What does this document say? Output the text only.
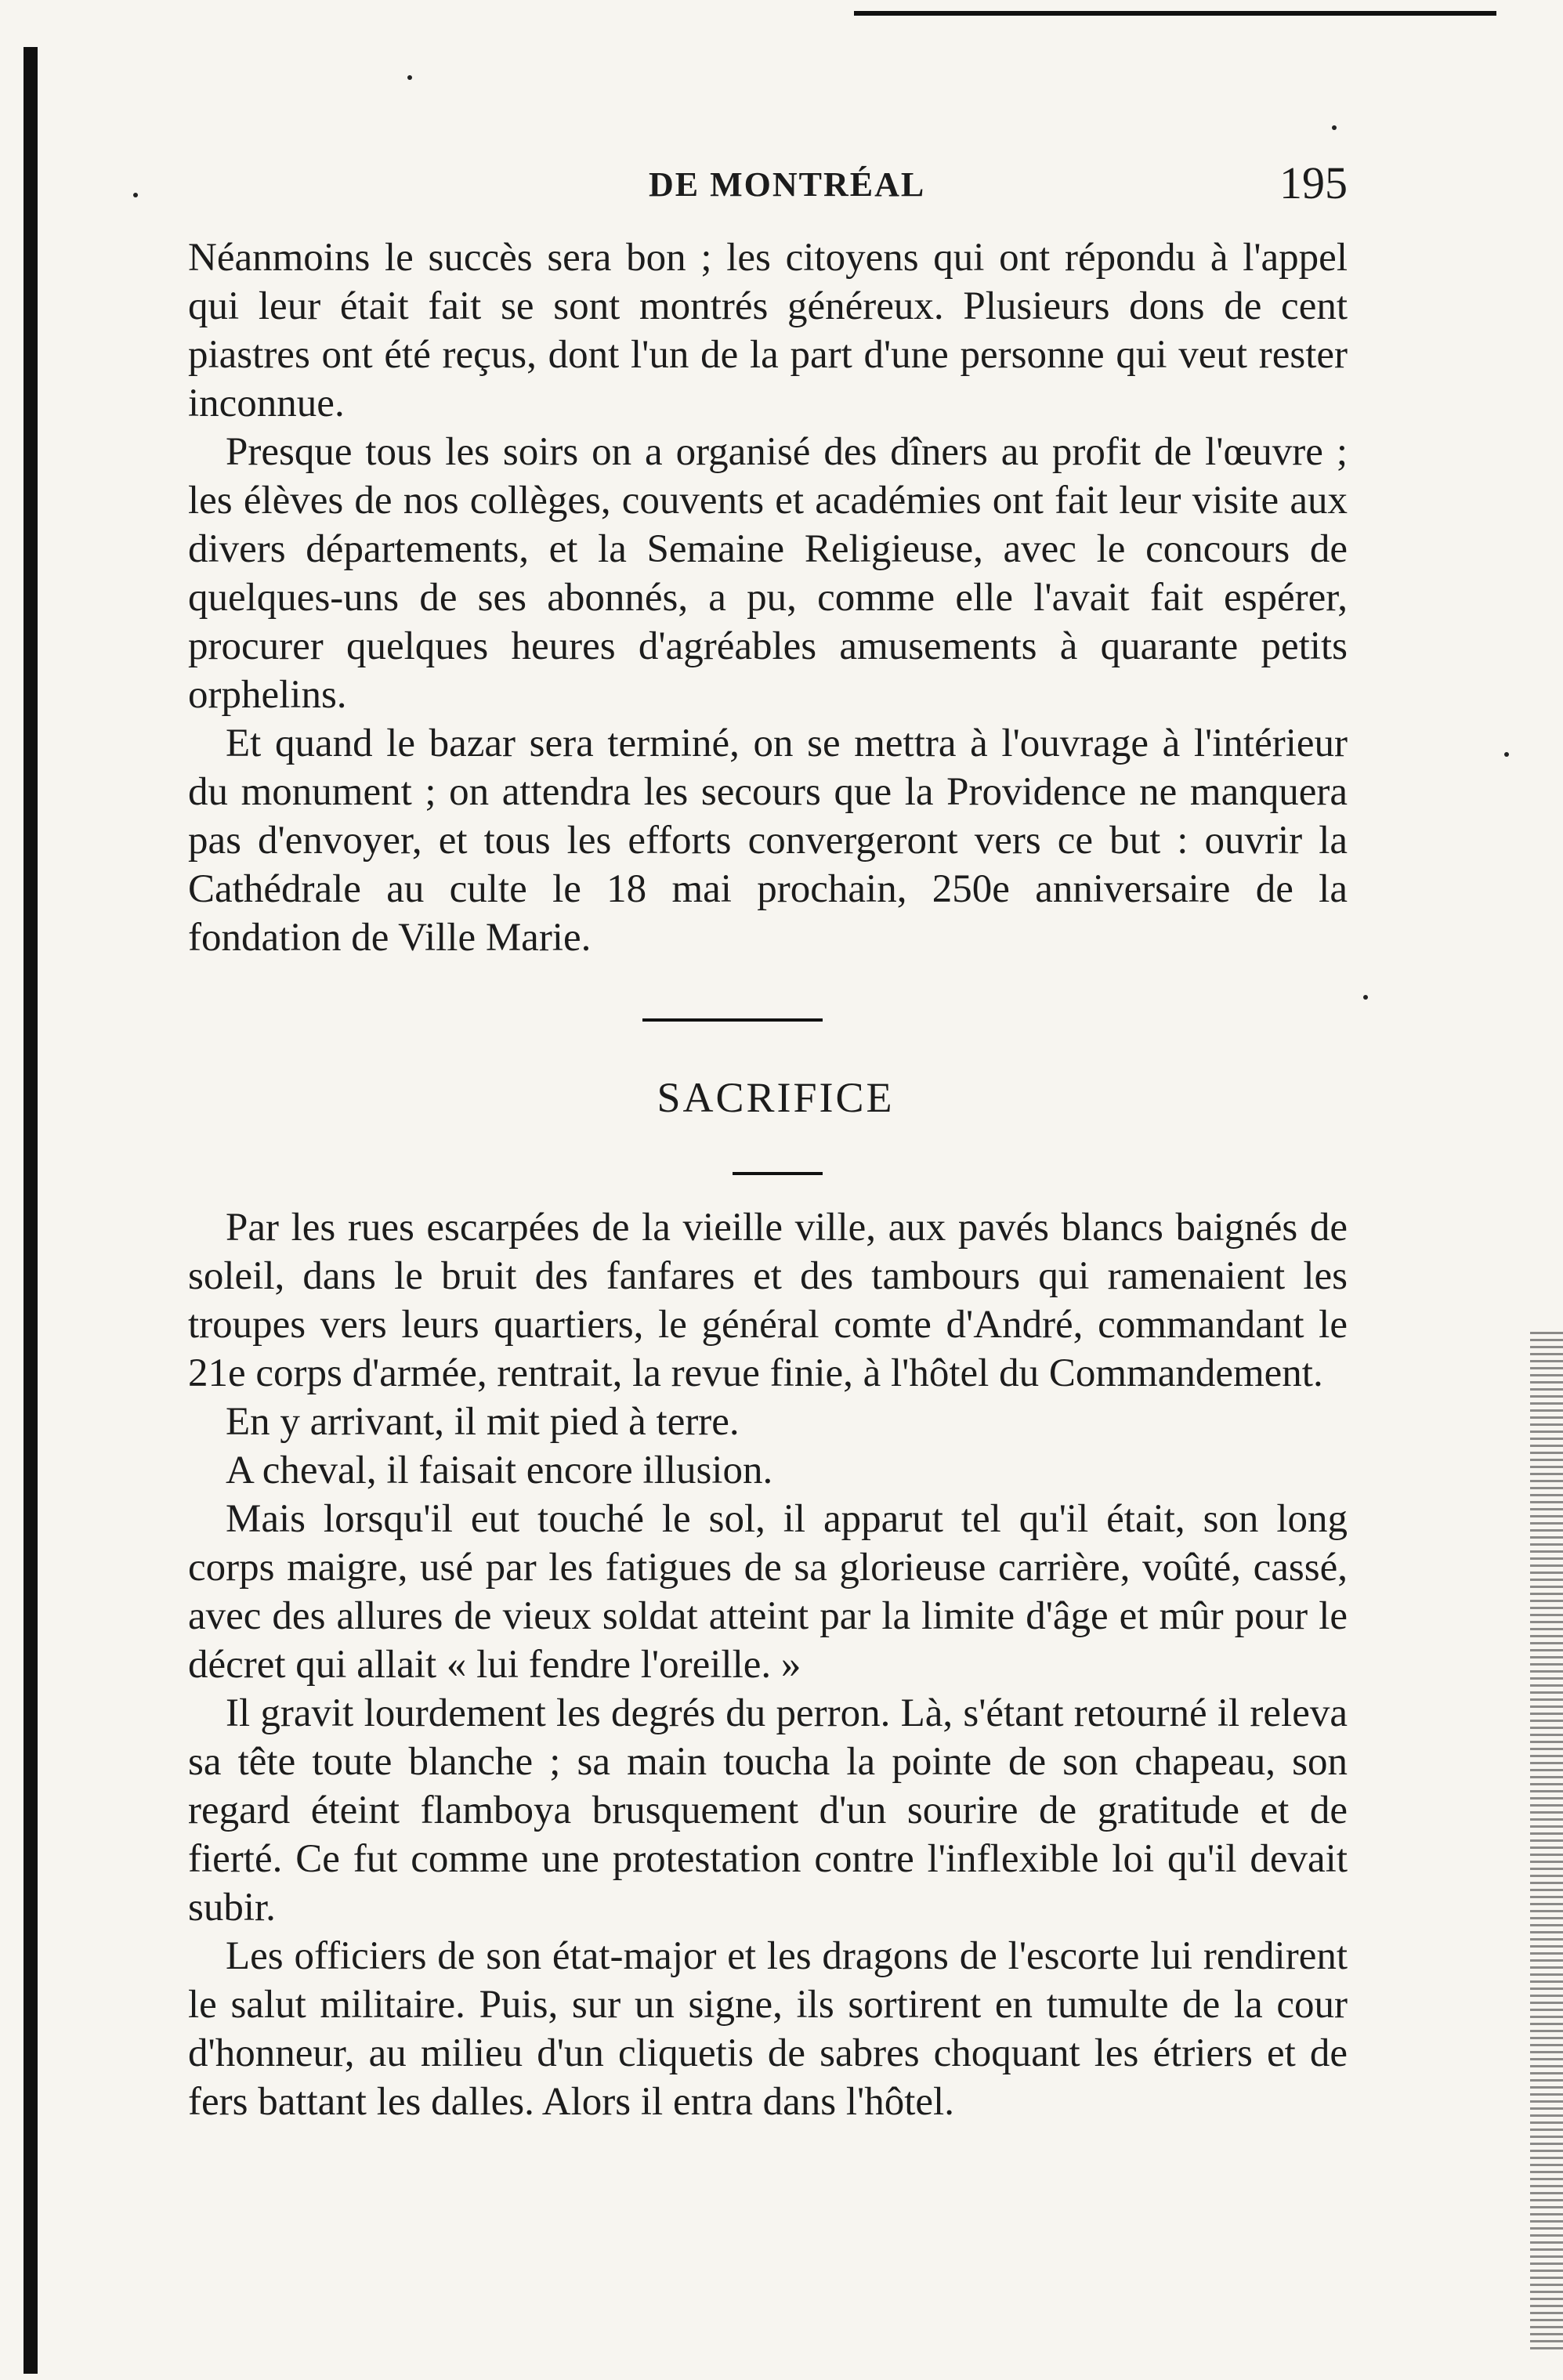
DE MONTRÉAL	195

Néanmoins le succès sera bon ; les citoyens qui ont répondu à l'appel qui leur était fait se sont montrés généreux. Plusieurs dons de cent piastres ont été reçus, dont l'un de la part d'une personne qui veut rester inconnue.

Presque tous les soirs on a organisé des dîners au profit de l'œuvre ; les élèves de nos collèges, couvents et académies ont fait leur visite aux divers départements, et la Semaine Religieuse, avec le concours de quelques-uns de ses abonnés, a pu, comme elle l'avait fait espérer, procurer quelques heures d'agréables amusements à quarante petits orphelins.

Et quand le bazar sera terminé, on se mettra à l'ouvrage à l'intérieur du monument ; on attendra les secours que la Providence ne manquera pas d'envoyer, et tous les efforts convergeront vers ce but : ouvrir la Cathédrale au culte le 18 mai prochain, 250e anniversaire de la fondation de Ville Marie.

SACRIFICE

Par les rues escarpées de la vieille ville, aux pavés blancs baignés de soleil, dans le bruit des fanfares et des tambours qui ramenaient les troupes vers leurs quartiers, le général comte d'André, commandant le 21e corps d'armée, rentrait, la revue finie, à l'hôtel du Commandement.

En y arrivant, il mit pied à terre.

A cheval, il faisait encore illusion.

Mais lorsqu'il eut touché le sol, il apparut tel qu'il était, son long corps maigre, usé par les fatigues de sa glorieuse carrière, voûté, cassé, avec des allures de vieux soldat atteint par la limite d'âge et mûr pour le décret qui allait « lui fendre l'oreille. »

Il gravit lourdement les degrés du perron. Là, s'étant retourné il releva sa tête toute blanche ; sa main toucha la pointe de son chapeau, son regard éteint flamboya brusquement d'un sourire de gratitude et de fierté. Ce fut comme une protestation contre l'inflexible loi qu'il devait subir.

Les officiers de son état-major et les dragons de l'escorte lui rendirent le salut militaire. Puis, sur un signe, ils sortirent en tumulte de la cour d'honneur, au milieu d'un cliquetis de sabres choquant les étriers et de fers battant les dalles. Alors il entra dans l'hôtel.
